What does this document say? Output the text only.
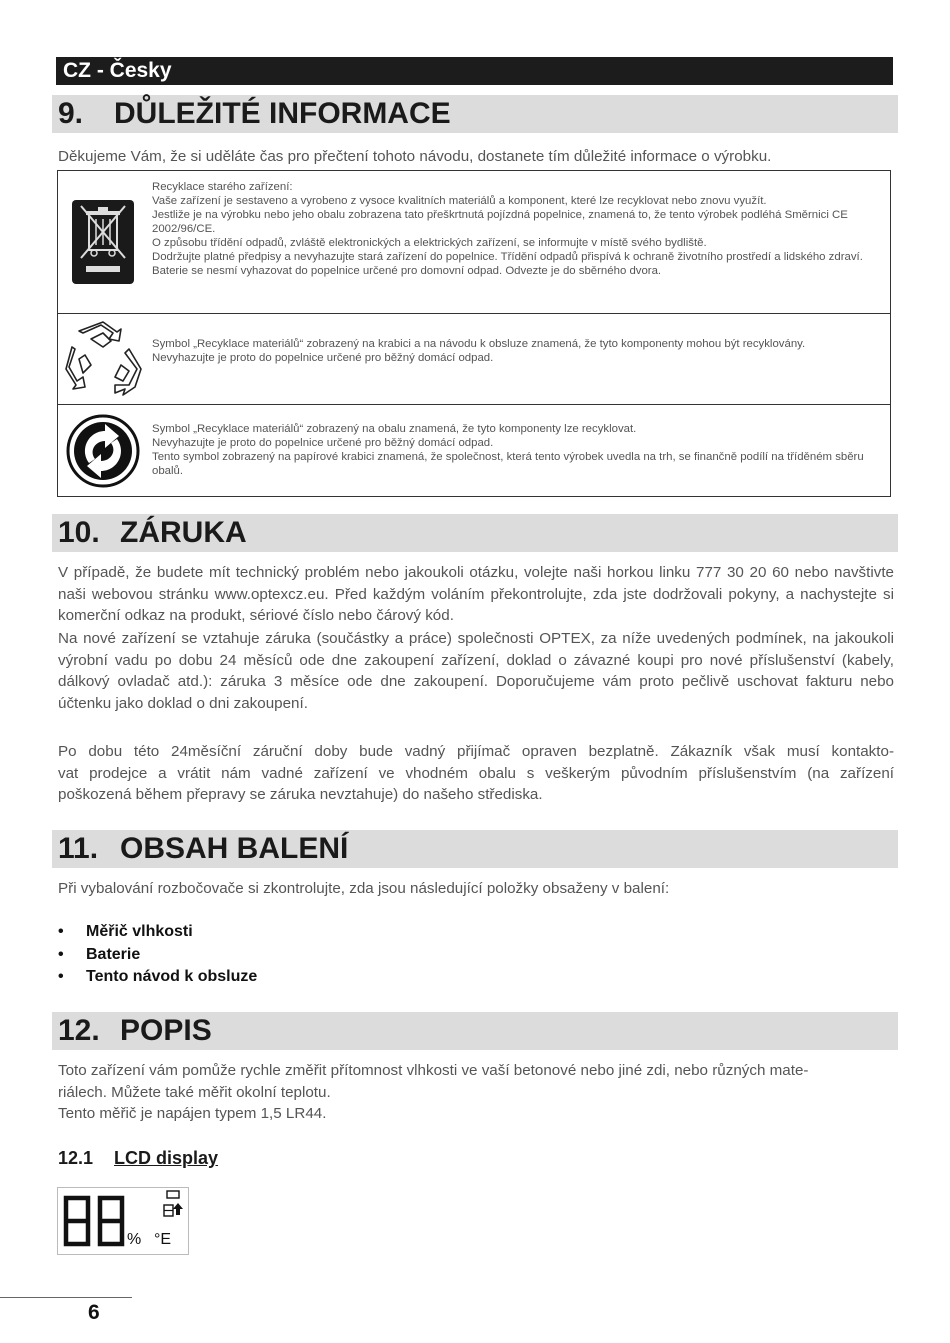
CZ - Česky
9. DŮLEŽITÉ INFORMACE
Děkujeme Vám, že si uděláte čas pro přečtení tohoto návodu, dostanete tím důležité informace o výrobku.
Recyklace starého zařízení:
Vaše zařízení je sestaveno a vyrobeno z vysoce kvalitních materiálů a komponent, které lze recyklovat nebo znovu využít.
Jestliže je na výrobku nebo jeho obalu zobrazena tato přeškrtnutá pojízdná popelnice, znamená to, že tento výrobek podléhá Směrnici CE 2002/96/CE.
O způsobu třídění odpadů, zvláště elektronických a elektrických zařízení, se informujte v místě svého bydliště.
Dodržujte platné předpisy a nevyhazujte stará zařízení do popelnice. Třídění odpadů přispívá k ochraně životního prostředí a lidského zdraví.
Baterie se nesmí vyhazovat do popelnice určené pro domovní odpad. Odvezte je do sběrného dvora.
Symbol „Recyklace materiálů“ zobrazený na krabici a na návodu k obsluze znamená, že tyto komponenty mohou být recyklovány.
Nevyhazujte je proto do popelnice určené pro běžný domácí odpad.
Symbol „Recyklace materiálů“ zobrazený na obalu znamená, že tyto komponenty lze recyklovat.
Nevyhazujte je proto do popelnice určené pro běžný domácí odpad.
Tento symbol zobrazený na papírové krabici znamená, že společnost, která tento výrobek uvedla na trh, se finančně podílí na tříděném sběru obalů.
10. ZÁRUKA
V případě, že budete mít technický problém nebo jakoukoli otázku, volejte naši horkou linku 777 30 20 60 nebo navštivte naši webovou stránku www.optexcz.eu. Před každým voláním překontrolujte, zda jste dodržovali pokyny, a nachystejte si komerční odkaz na produkt, sériové číslo nebo čárový kód.
Na nové zařízení se vztahuje záruka (součástky a práce) společnosti OPTEX, za níže uvedených podmínek, na jakoukoli výrobní vadu po dobu 24 měsíců ode dne zakoupení zařízení, doklad o závazné koupi pro nové příslušenství (kabely, dálkový ovladač atd.): záruka 3 měsíce ode dne zakoupení. Doporučujeme vám proto pečlivě uschovat fakturu nebo účtenku jako doklad o dni zakoupení.
Po dobu této 24měsíční záruční doby bude vadný přijímač opraven bezplatně. Zákazník však musí kontakto-
vat prodejce a vrátit nám vadné zařízení ve vhodném obalu s veškerým původním příslušenstvím (na zařízení
poškozená během přepravy se záruka nevztahuje) do našeho střediska.
11. OBSAH BALENÍ
Při vybalování rozbočovače si zkontrolujte, zda jsou následující položky obsaženy v balení:
• Měřič vlhkosti
• Baterie
• Tento návod k obsluze
12. POPIS
Toto zařízení vám pomůže rychle změřit přítomnost vlhkosti ve vaší betonové nebo jiné zdi, nebo různých mate-
riálech. Můžete také měřit okolní teplotu.
Tento měřič je napájen typem 1,5 LR44.
12.1 LCD display
% °E
6
